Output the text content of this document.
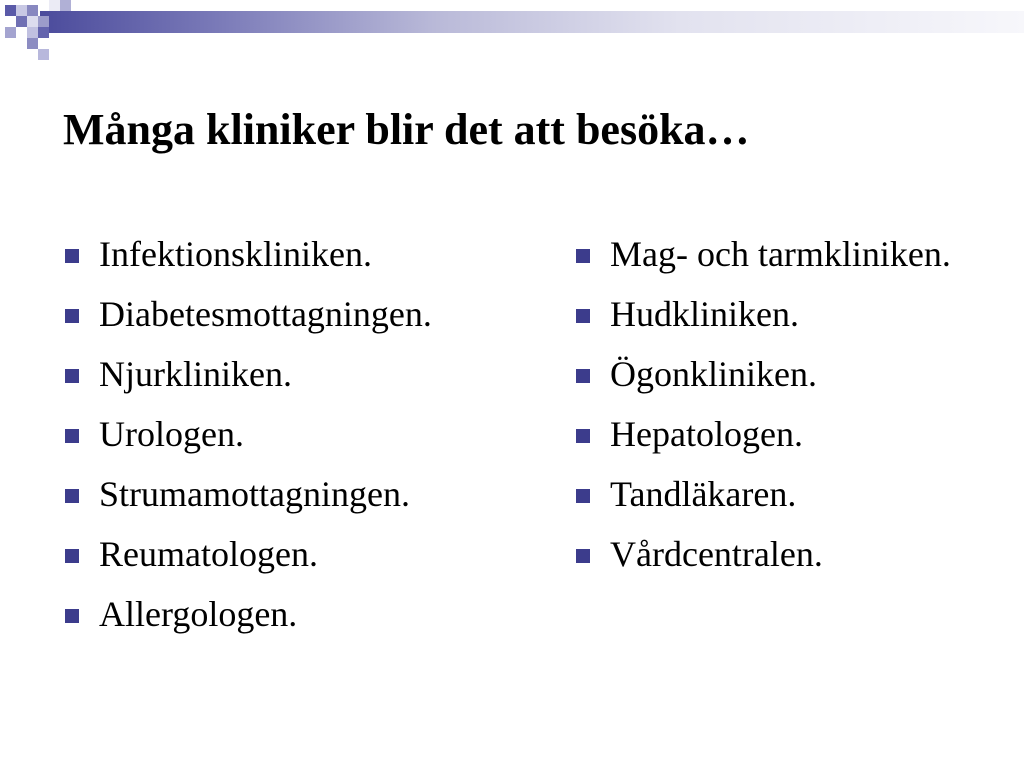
Många kliniker blir det att besöka…
Infektionskliniken.
Diabetesmottagningen.
Njurkliniken.
Urologen.
Strumamottagningen.
Reumatologen.
Allergologen.
Mag- och tarmkliniken.
Hudkliniken.
Ögonkliniken.
Hepatologen.
Tandläkaren.
Vårdcentralen.
